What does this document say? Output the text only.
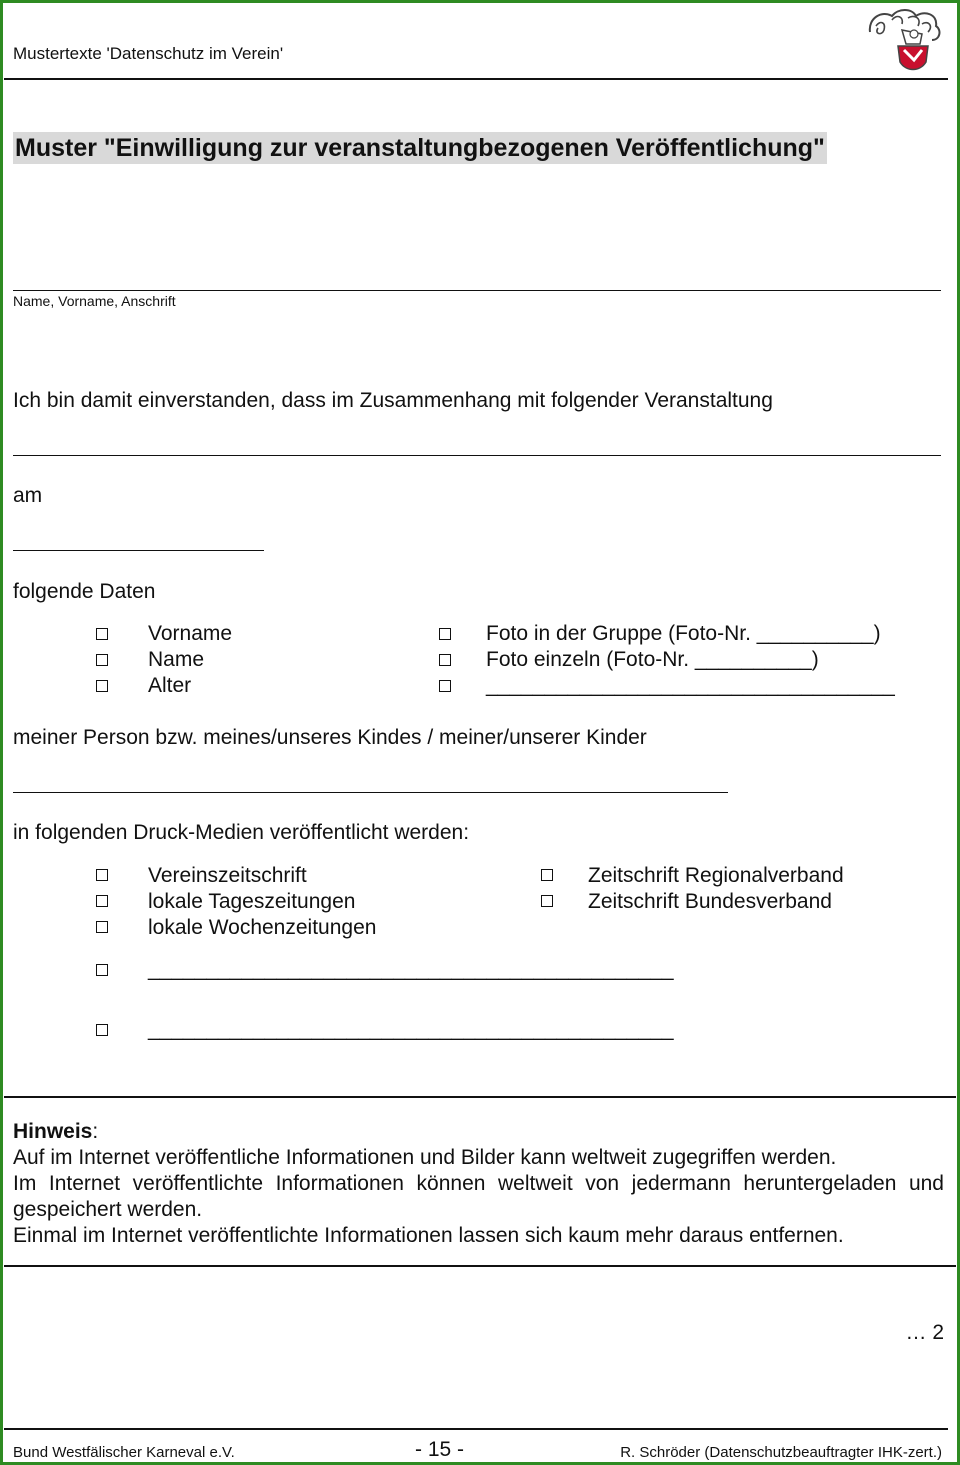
Mustertexte 'Datenschutz im Verein'
Muster "Einwilligung zur veranstaltungbezogenen Veröffentlichung"
Name, Vorname, Anschrift
Ich bin damit einverstanden, dass im Zusammenhang mit folgender Veranstaltung
am
folgende Daten
Vorname
Name
Alter
Foto in der Gruppe (Foto-Nr. __________)
Foto einzeln (Foto-Nr. __________)
___________________________________
meiner Person bzw. meines/unseres Kindes / meiner/unserer Kinder
in folgenden Druck-Medien veröffentlicht werden:
Vereinszeitschrift
lokale Tageszeitungen
lokale Wochenzeitungen
Zeitschrift Regionalverband
Zeitschrift Bundesverband
_____________________________________________
_____________________________________________

Hinweis:

Auf im Internet veröffentliche Informationen und Bilder kann weltweit zugegriffen werden.

Im Internet veröffentlichte Informationen können weltweit von jedermann heruntergeladen und gespeichert werden.

Einmal im Internet veröffentlichte Informationen lassen sich kaum mehr daraus entfernen.

… 2
Bund Westfälischer Karneval e.V.	- 15 -	R. Schröder (Datenschutzbeauftragter IHK-zert.)
